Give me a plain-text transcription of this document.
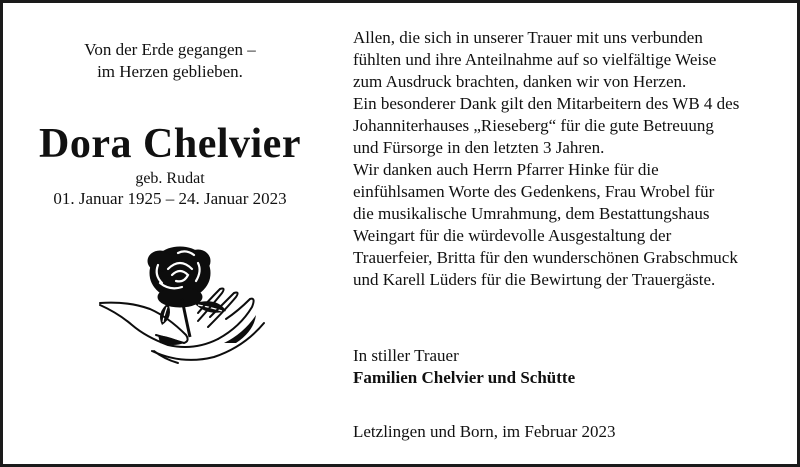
Von der Erde gegangen –
im Herzen geblieben.
Dora Chelvier
geb. Rudat
01. Januar 1925 – 24. Januar 2023
Allen, die sich in unserer Trauer mit uns verbunden
fühlten und ihre Anteilnahme auf so vielfältige Weise
zum Ausdruck brachten, danken wir von Herzen.
Ein besonderer Dank gilt den Mitarbeitern des WB 4 des
Johanniterhauses „Rieseberg“ für die gute Betreuung
und Fürsorge in den letzten 3 Jahren.
Wir danken auch Herrn Pfarrer Hinke für die
einfühlsamen Worte des Gedenkens, Frau Wrobel für
die musikalische Umrahmung, dem Bestattungshaus
Weingart für die würdevolle Ausgestaltung der
Trauerfeier, Britta für den wunderschönen Grabschmuck
und Karell Lüders für die Bewirtung der Trauergäste.
In stiller Trauer
Familien Chelvier und Schütte
Letzlingen und Born, im Februar 2023
